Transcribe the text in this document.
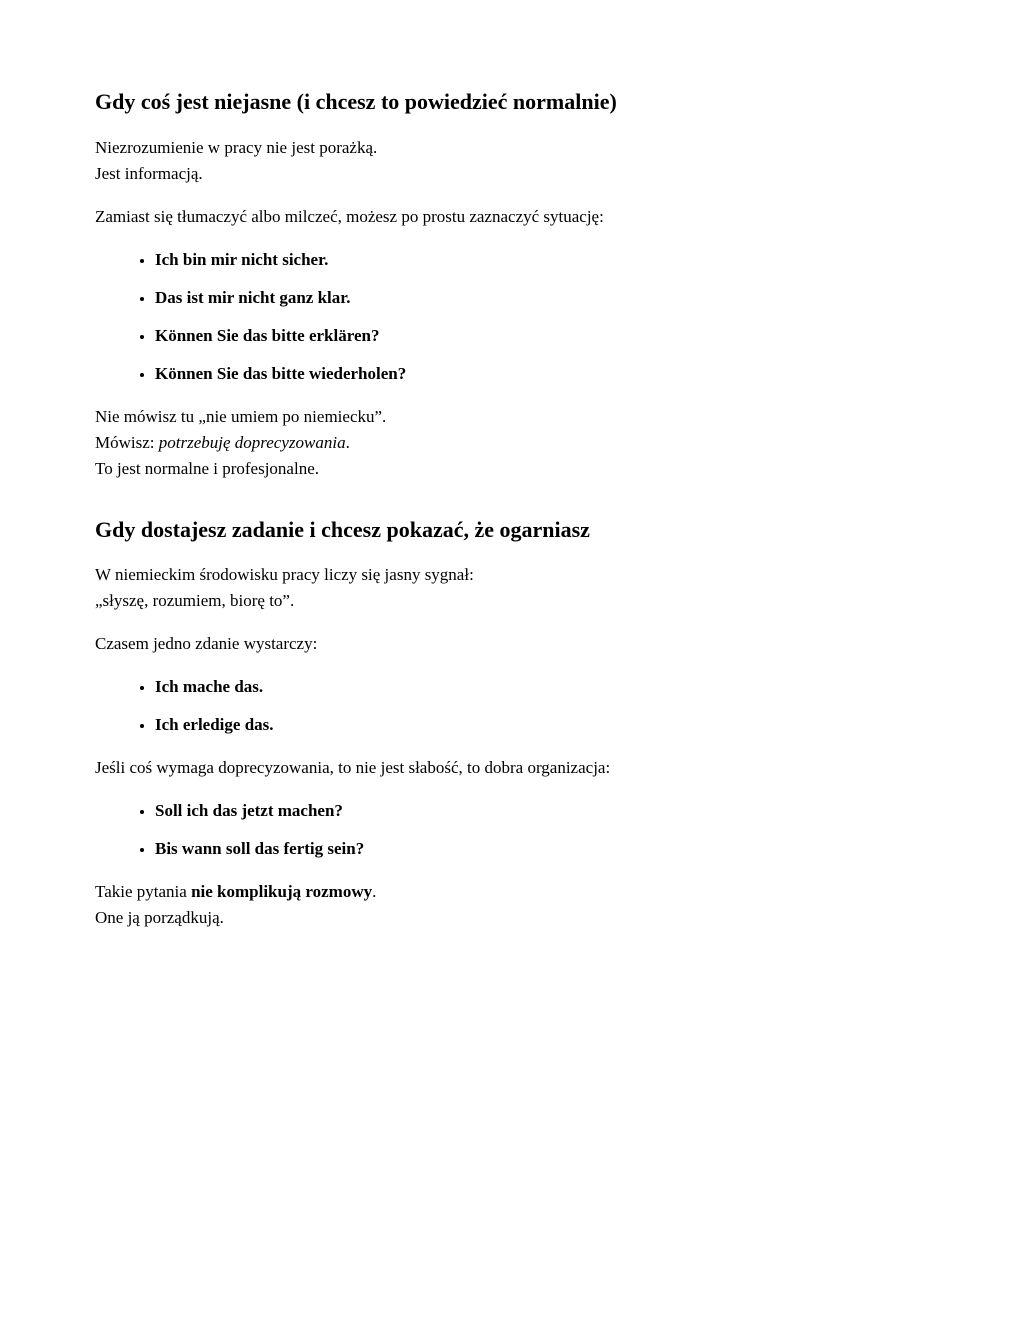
Gdy coś jest niejasne (i chcesz to powiedzieć normalnie)

Niezrozumienie w pracy nie jest porażką.
Jest informacją.

Zamiast się tłumaczyć albo milczeć, możesz po prostu zaznaczyć sytuację:

• Ich bin mir nicht sicher.
• Das ist mir nicht ganz klar.
• Können Sie das bitte erklären?
• Können Sie das bitte wiederholen?

Nie mówisz tu „nie umiem po niemiecku”.
Mówisz: potrzebuję doprecyzowania.
To jest normalne i profesjonalne.

Gdy dostajesz zadanie i chcesz pokazać, że ogarniasz

W niemieckim środowisku pracy liczy się jasny sygnał:
„słyszę, rozumiem, biorę to”.

Czasem jedno zdanie wystarczy:

• Ich mache das.
• Ich erledige das.

Jeśli coś wymaga doprecyzowania, to nie jest słabość, to dobra organizacja:

• Soll ich das jetzt machen?
• Bis wann soll das fertig sein?

Takie pytania nie komplikują rozmowy.
One ją porządkują.
